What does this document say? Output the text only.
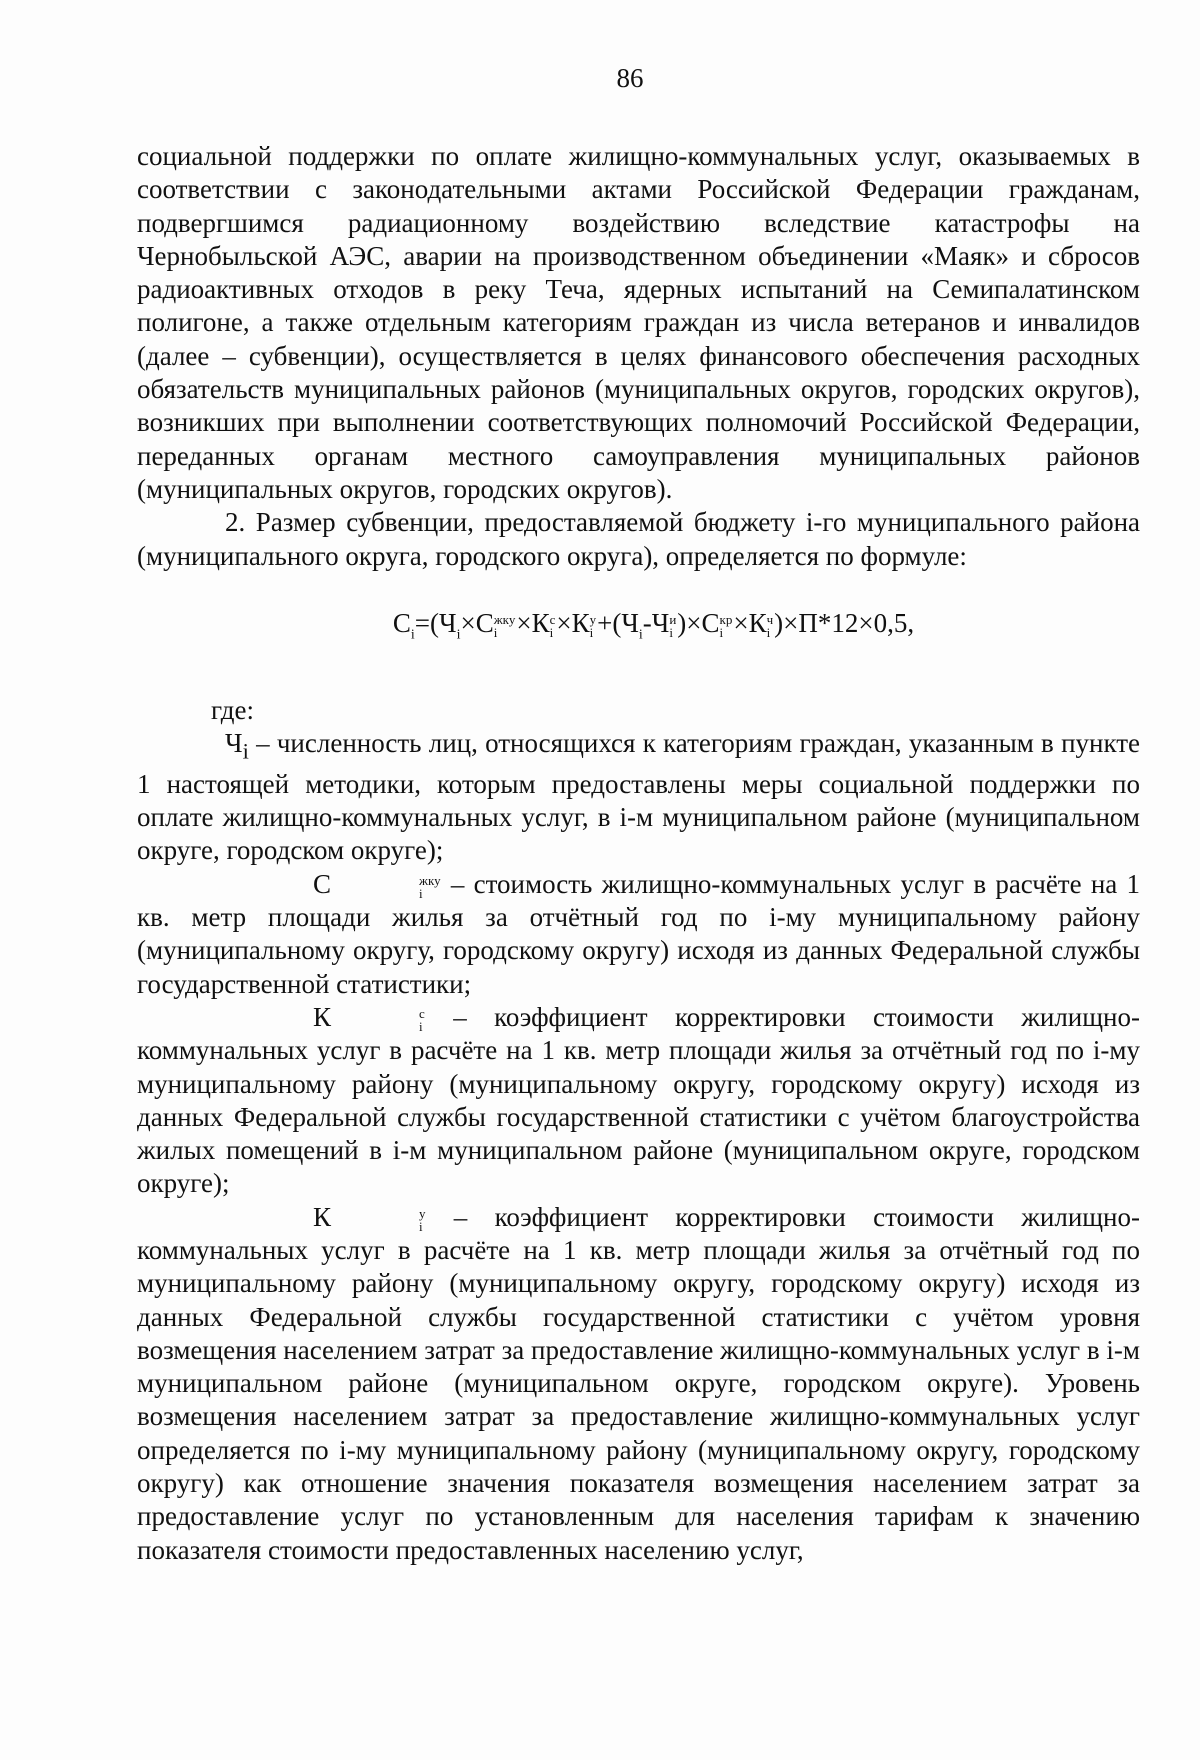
86

социальной поддержки по оплате жилищно-коммунальных услуг, оказываемых в соответствии с законодательными актами Российской Федерации гражданам, подвергшимся радиационному воздействию вследствие катастрофы на Чернобыльской АЭС, аварии на производственном объединении «Маяк» и сбросов радиоактивных отходов в реку Теча, ядерных испытаний на Семипалатинском полигоне, а также отдельным категориям граждан из числа ветеранов и инвалидов (далее – субвенции), осуществляется в целях финансового обеспечения расходных обязательств муниципальных районов (муниципальных округов, городских округов), возникших при выполнении соответствующих полномочий Российской Федерации, переданных органам местного самоуправления муниципальных районов (муниципальных округов, городских округов).

2. Размер субвенции, предоставляемой бюджету i-го муниципального района (муниципального округа, городского округа), определяется по формуле:

$С_i=(Ч_i\times С$ жку
i ×К с
i ×К у
$i +(Ч_i-Ч$ и
i )×С кр
i ×К ч
i )×П*12×0,5,

где:

$Ч_i$ – численность лиц, относящихся к категориям граждан, указанным в пункте 1 настоящей методики, которым предоставлены меры социальной поддержки по оплате жилищно-коммунальных услуг, в i-м муниципальном районе (муниципальном округе, городском округе);

С	жку
i	– стоимость жилищно-коммунальных услуг в расчёте на 1 кв. метр площади жилья за отчётный год по i-му муниципальному району (муниципальному округу, городскому округу) исходя из данных Федеральной службы государственной статистики;

К	с
i – коэффициент корректировки стоимости жилищно-коммунальных услуг в расчёте на 1 кв. метр площади жилья за отчётный год по i-му муниципальному району (муниципальному округу, городскому округу) исходя из данных Федеральной службы государственной статистики с учётом благоустройства жилых помещений в i-м муниципальном районе (муниципальном округе, городском округе);

К	у
i – коэффициент корректировки стоимости жилищно-коммунальных услуг в расчёте на 1 кв. метр площади жилья за отчётный год по муниципальному району (муниципальному округу, городскому округу) исходя из данных Федеральной службы государственной статистики с учётом уровня возмещения населением затрат за предоставление жилищно-коммунальных услуг в i-м муниципальном районе (муниципальном округе, городском округе). Уровень возмещения населением затрат за предоставление жилищно-коммунальных услуг определяется по i-му муниципальному району (муниципальному округу, городскому округу) как отношение значения показателя возмещения населением затрат за предоставление услуг по установленным для населения тарифам к значению показателя стоимости предоставленных населению услуг,
